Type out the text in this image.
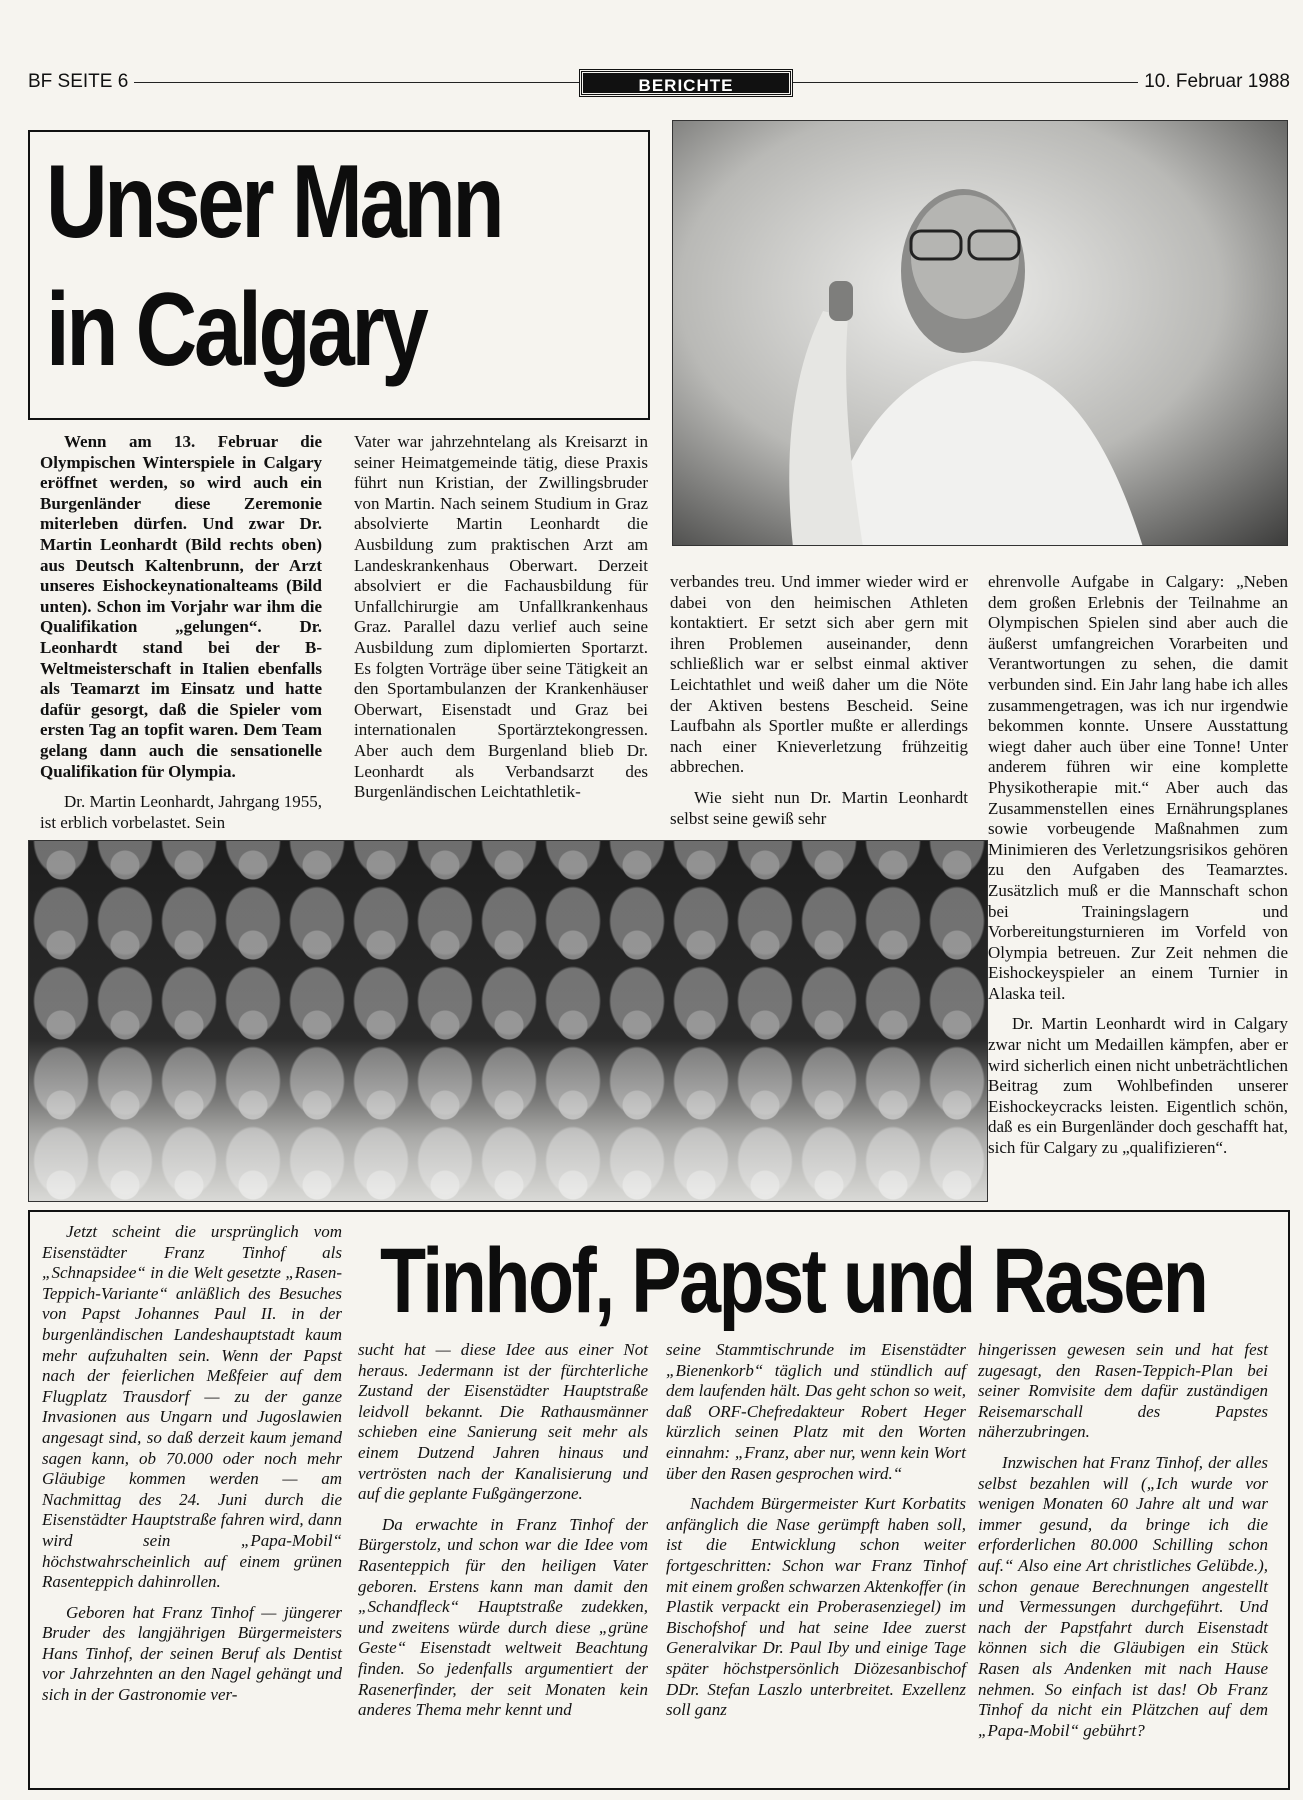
BF SEITE 6	BERICHTE	10. Februar 1988
Unser Mann
in Calgary

Wenn am 13. Februar die Olympischen Winterspiele in Calgary eröffnet werden, so wird auch ein Burgenländer diese Zeremonie miterleben dürfen. Und zwar Dr. Martin Leonhardt (Bild rechts oben) aus Deutsch Kaltenbrunn, der Arzt unseres Eishockeynationalteams (Bild unten). Schon im Vorjahr war ihm die Qualifikation „gelungen“. Dr. Leonhardt stand bei der B-Weltmeisterschaft in Italien ebenfalls als Teamarzt im Einsatz und hatte dafür gesorgt, daß die Spieler vom ersten Tag an topfit waren. Dem Team gelang dann auch die sensationelle Qualifikation für Olympia.

Dr. Martin Leonhardt, Jahrgang 1955, ist erblich vorbelastet. Sein

Vater war jahrzehntelang als Kreisarzt in seiner Heimatgemeinde tätig, diese Praxis führt nun Kristian, der Zwillingsbruder von Martin. Nach seinem Studium in Graz absolvierte Martin Leonhardt die Ausbildung zum praktischen Arzt am Landeskrankenhaus Oberwart. Derzeit absolviert er die Fachausbildung für Unfallchirurgie am Unfallkrankenhaus Graz. Parallel dazu verlief auch seine Ausbildung zum diplomierten Sportarzt. Es folgten Vorträge über seine Tätigkeit an den Sportambulanzen der Krankenhäuser Oberwart, Eisenstadt und Graz bei internationalen Sportärztekongressen. Aber auch dem Burgenland blieb Dr. Leonhardt als Verbandsarzt des Burgenländischen Leichtathletik-

verbandes treu. Und immer wieder wird er dabei von den heimischen Athleten kontaktiert. Er setzt sich aber gern mit ihren Problemen auseinander, denn schließlich war er selbst einmal aktiver Leichtathlet und weiß daher um die Nöte der Aktiven bestens Bescheid. Seine Laufbahn als Sportler mußte er allerdings nach einer Knieverletzung frühzeitig abbrechen.

Wie sieht nun Dr. Martin Leonhardt selbst seine gewiß sehr

ehrenvolle Aufgabe in Calgary: „Neben dem großen Erlebnis der Teilnahme an Olympischen Spielen sind aber auch die äußerst umfangreichen Vorarbeiten und Verantwortungen zu sehen, die damit verbunden sind. Ein Jahr lang habe ich alles zusammengetragen, was ich nur irgendwie bekommen konnte. Unsere Ausstattung wiegt daher auch über eine Tonne! Unter anderem führen wir eine komplette Physikotherapie mit.“ Aber auch das Zusammenstellen eines Ernährungsplanes sowie vorbeugende Maßnahmen zum Minimieren des Verletzungsrisikos gehören zu den Aufgaben des Teamarztes. Zusätzlich muß er die Mannschaft schon bei Trainingslagern und Vorbereitungsturnieren im Vorfeld von Olympia betreuen. Zur Zeit nehmen die Eishockeyspieler an einem Turnier in Alaska teil.

Dr. Martin Leonhardt wird in Calgary zwar nicht um Medaillen kämpfen, aber er wird sicherlich einen nicht unbeträchtlichen Beitrag zum Wohlbefinden unserer Eishockeycracks leisten. Eigentlich schön, daß es ein Burgenländer doch geschafft hat, sich für Calgary zu „qualifizieren“.

Tinhof, Papst und Rasen

Jetzt scheint die ursprünglich vom Eisenstädter Franz Tinhof als „Schnapsidee“ in die Welt gesetzte „Rasen-Teppich-Variante“ anläßlich des Besuches von Papst Johannes Paul II. in der burgenländischen Landeshauptstadt kaum mehr aufzuhalten sein. Wenn der Papst nach der feierlichen Meßfeier auf dem Flugplatz Trausdorf — zu der ganze Invasionen aus Ungarn und Jugoslawien angesagt sind, so daß derzeit kaum jemand sagen kann, ob 70.000 oder noch mehr Gläubige kommen werden — am Nachmittag des 24. Juni durch die Eisenstädter Hauptstraße fahren wird, dann wird sein „Papa-Mobil“ höchstwahrscheinlich auf einem grünen Rasenteppich dahinrollen.

Geboren hat Franz Tinhof — jüngerer Bruder des langjährigen Bürgermeisters Hans Tinhof, der seinen Beruf als Dentist vor Jahrzehnten an den Nagel gehängt und sich in der Gastronomie ver-

sucht hat — diese Idee aus einer Not heraus. Jedermann ist der fürchterliche Zustand der Eisenstädter Hauptstraße leidvoll bekannt. Die Rathausmänner schieben eine Sanierung seit mehr als einem Dutzend Jahren hinaus und vertrösten nach der Kanalisierung und auf die geplante Fußgängerzone.

Da erwachte in Franz Tinhof der Bürgerstolz, und schon war die Idee vom Rasenteppich für den heiligen Vater geboren. Erstens kann man damit den „Schandfleck“ Hauptstraße zudekken, und zweitens würde durch diese „grüne Geste“ Eisenstadt weltweit Beachtung finden. So jedenfalls argumentiert der Rasenerfinder, der seit Monaten kein anderes Thema mehr kennt und

seine Stammtischrunde im Eisenstädter „Bienenkorb“ täglich und stündlich auf dem laufenden hält. Das geht schon so weit, daß ORF-Chefredakteur Robert Heger kürzlich seinen Platz mit den Worten einnahm: „Franz, aber nur, wenn kein Wort über den Rasen gesprochen wird.“

Nachdem Bürgermeister Kurt Korbatits anfänglich die Nase gerümpft haben soll, ist die Entwicklung schon weiter fortgeschritten: Schon war Franz Tinhof mit einem großen schwarzen Aktenkoffer (in Plastik verpackt ein Proberasenziegel) im Bischofshof und hat seine Idee zuerst Generalvikar Dr. Paul Iby und einige Tage später höchstpersönlich Diözesanbischof DDr. Stefan Laszlo unterbreitet. Exzellenz soll ganz

hingerissen gewesen sein und hat fest zugesagt, den Rasen-Teppich-Plan bei seiner Romvisite dem dafür zuständigen Reisemarschall des Papstes näherzubringen.

Inzwischen hat Franz Tinhof, der alles selbst bezahlen will („Ich wurde vor wenigen Monaten 60 Jahre alt und war immer gesund, da bringe ich die erforderlichen 80.000 Schilling schon auf.“ Also eine Art christliches Gelübde.), schon genaue Berechnungen angestellt und Vermessungen durchgeführt. Und nach der Papstfahrt durch Eisenstadt können sich die Gläubigen ein Stück Rasen als Andenken mit nach Hause nehmen. So einfach ist das! Ob Franz Tinhof da nicht ein Plätzchen auf dem „Papa-Mobil“ gebührt?
